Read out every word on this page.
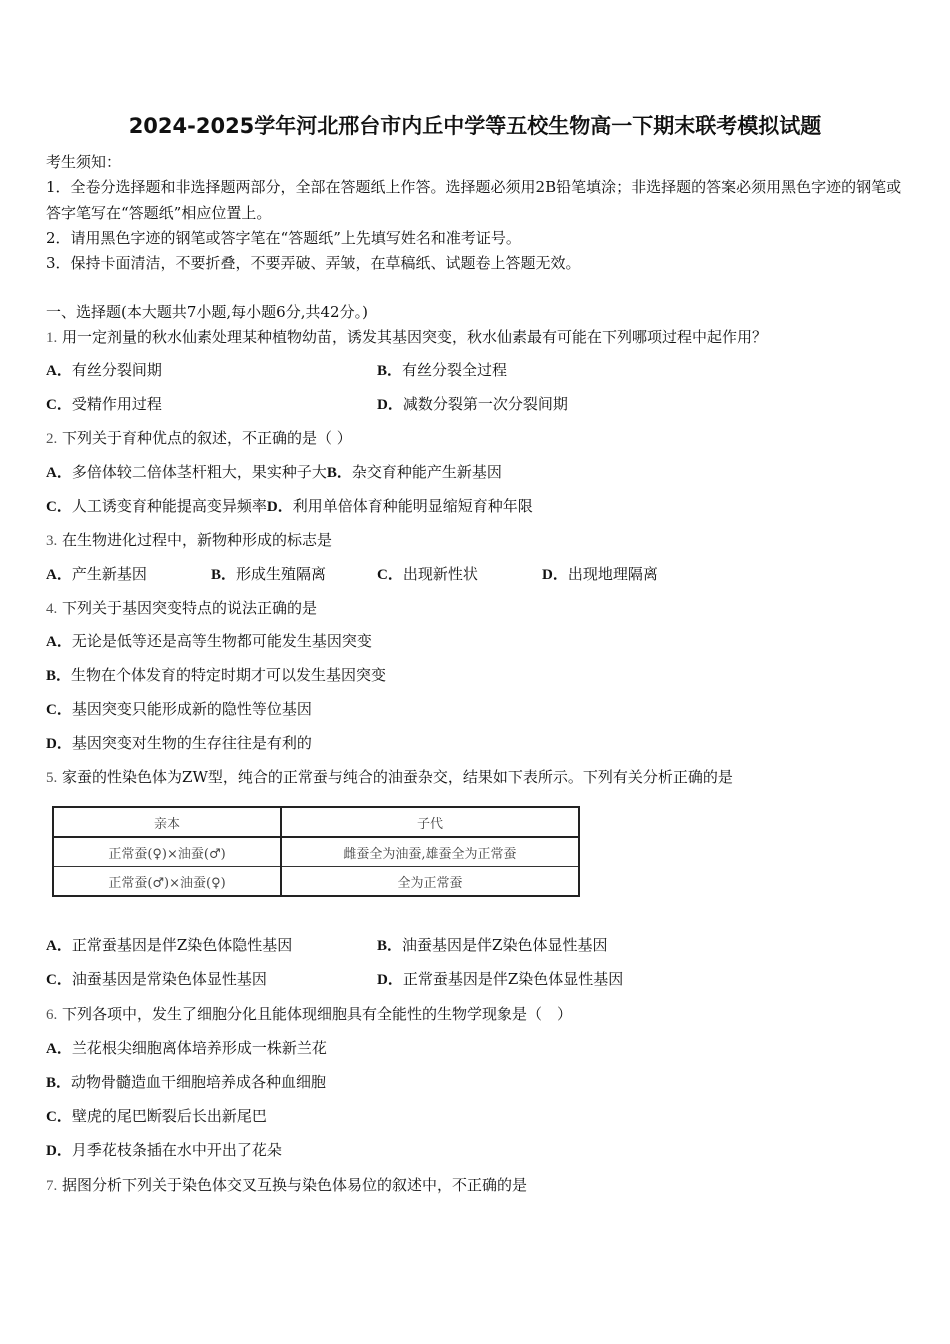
2024-2025学年河北邢台市内丘中学等五校生物高一下期末联考模拟试题
考生须知：
1．全卷分选择题和非选择题两部分，全部在答题纸上作答。选择题必须用2B铅笔填涂；非选择题的答案必须用黑色字迹的钢笔或答字笔写在“答题纸”相应位置上。
2．请用黑色字迹的钢笔或答字笔在“答题纸”上先填写姓名和准考证号。
3．保持卡面清洁，不要折叠，不要弄破、弄皱，在草稿纸、试题卷上答题无效。
一、选择题(本大题共7小题,每小题6分,共42分。)
1. 用一定剂量的秋水仙素处理某种植物幼苗，诱发其基因突变，秋水仙素最有可能在下列哪项过程中起作用？
A．有丝分裂间期	B．有丝分裂全过程
C．受精作用过程	D．减数分裂第一次分裂间期
2. 下列关于育种优点的叙述，不正确的是（ ）
A．多倍体较二倍体茎杆粗大，果实种子大B．杂交育种能产生新基因
C．人工诱变育种能提高变异频率D．利用单倍体育种能明显缩短育种年限
3. 在生物进化过程中，新物种形成的标志是
A．产生新基因	B．形成生殖隔离	C．出现新性状	D．出现地理隔离
4. 下列关于基因突变特点的说法正确的是
A．无论是低等还是高等生物都可能发生基因突变
B．生物在个体发育的特定时期才可以发生基因突变
C．基因突变只能形成新的隐性等位基因
D．基因突变对生物的生存往往是有利的
5. 家蚕的性染色体为ZW型，纯合的正常蚕与纯合的油蚕杂交，结果如下表所示。下列有关分析正确的是
亲本	子代
正常蚕(♀)×油蚕(♂)	雌蚕全为油蚕,雄蚕全为正常蚕
正常蚕(♂)×油蚕(♀)	全为正常蚕
A．正常蚕基因是伴Z染色体隐性基因	B．油蚕基因是伴Z染色体显性基因
C．油蚕基因是常染色体显性基因	D．正常蚕基因是伴Z染色体显性基因
6. 下列各项中，发生了细胞分化且能体现细胞具有全能性的生物学现象是（　）
A．兰花根尖细胞离体培养形成一株新兰花
B．动物骨髓造血干细胞培养成各种血细胞
C．壁虎的尾巴断裂后长出新尾巴
D．月季花枝条插在水中开出了花朵
7. 据图分析下列关于染色体交叉互换与染色体易位的叙述中，不正确的是
